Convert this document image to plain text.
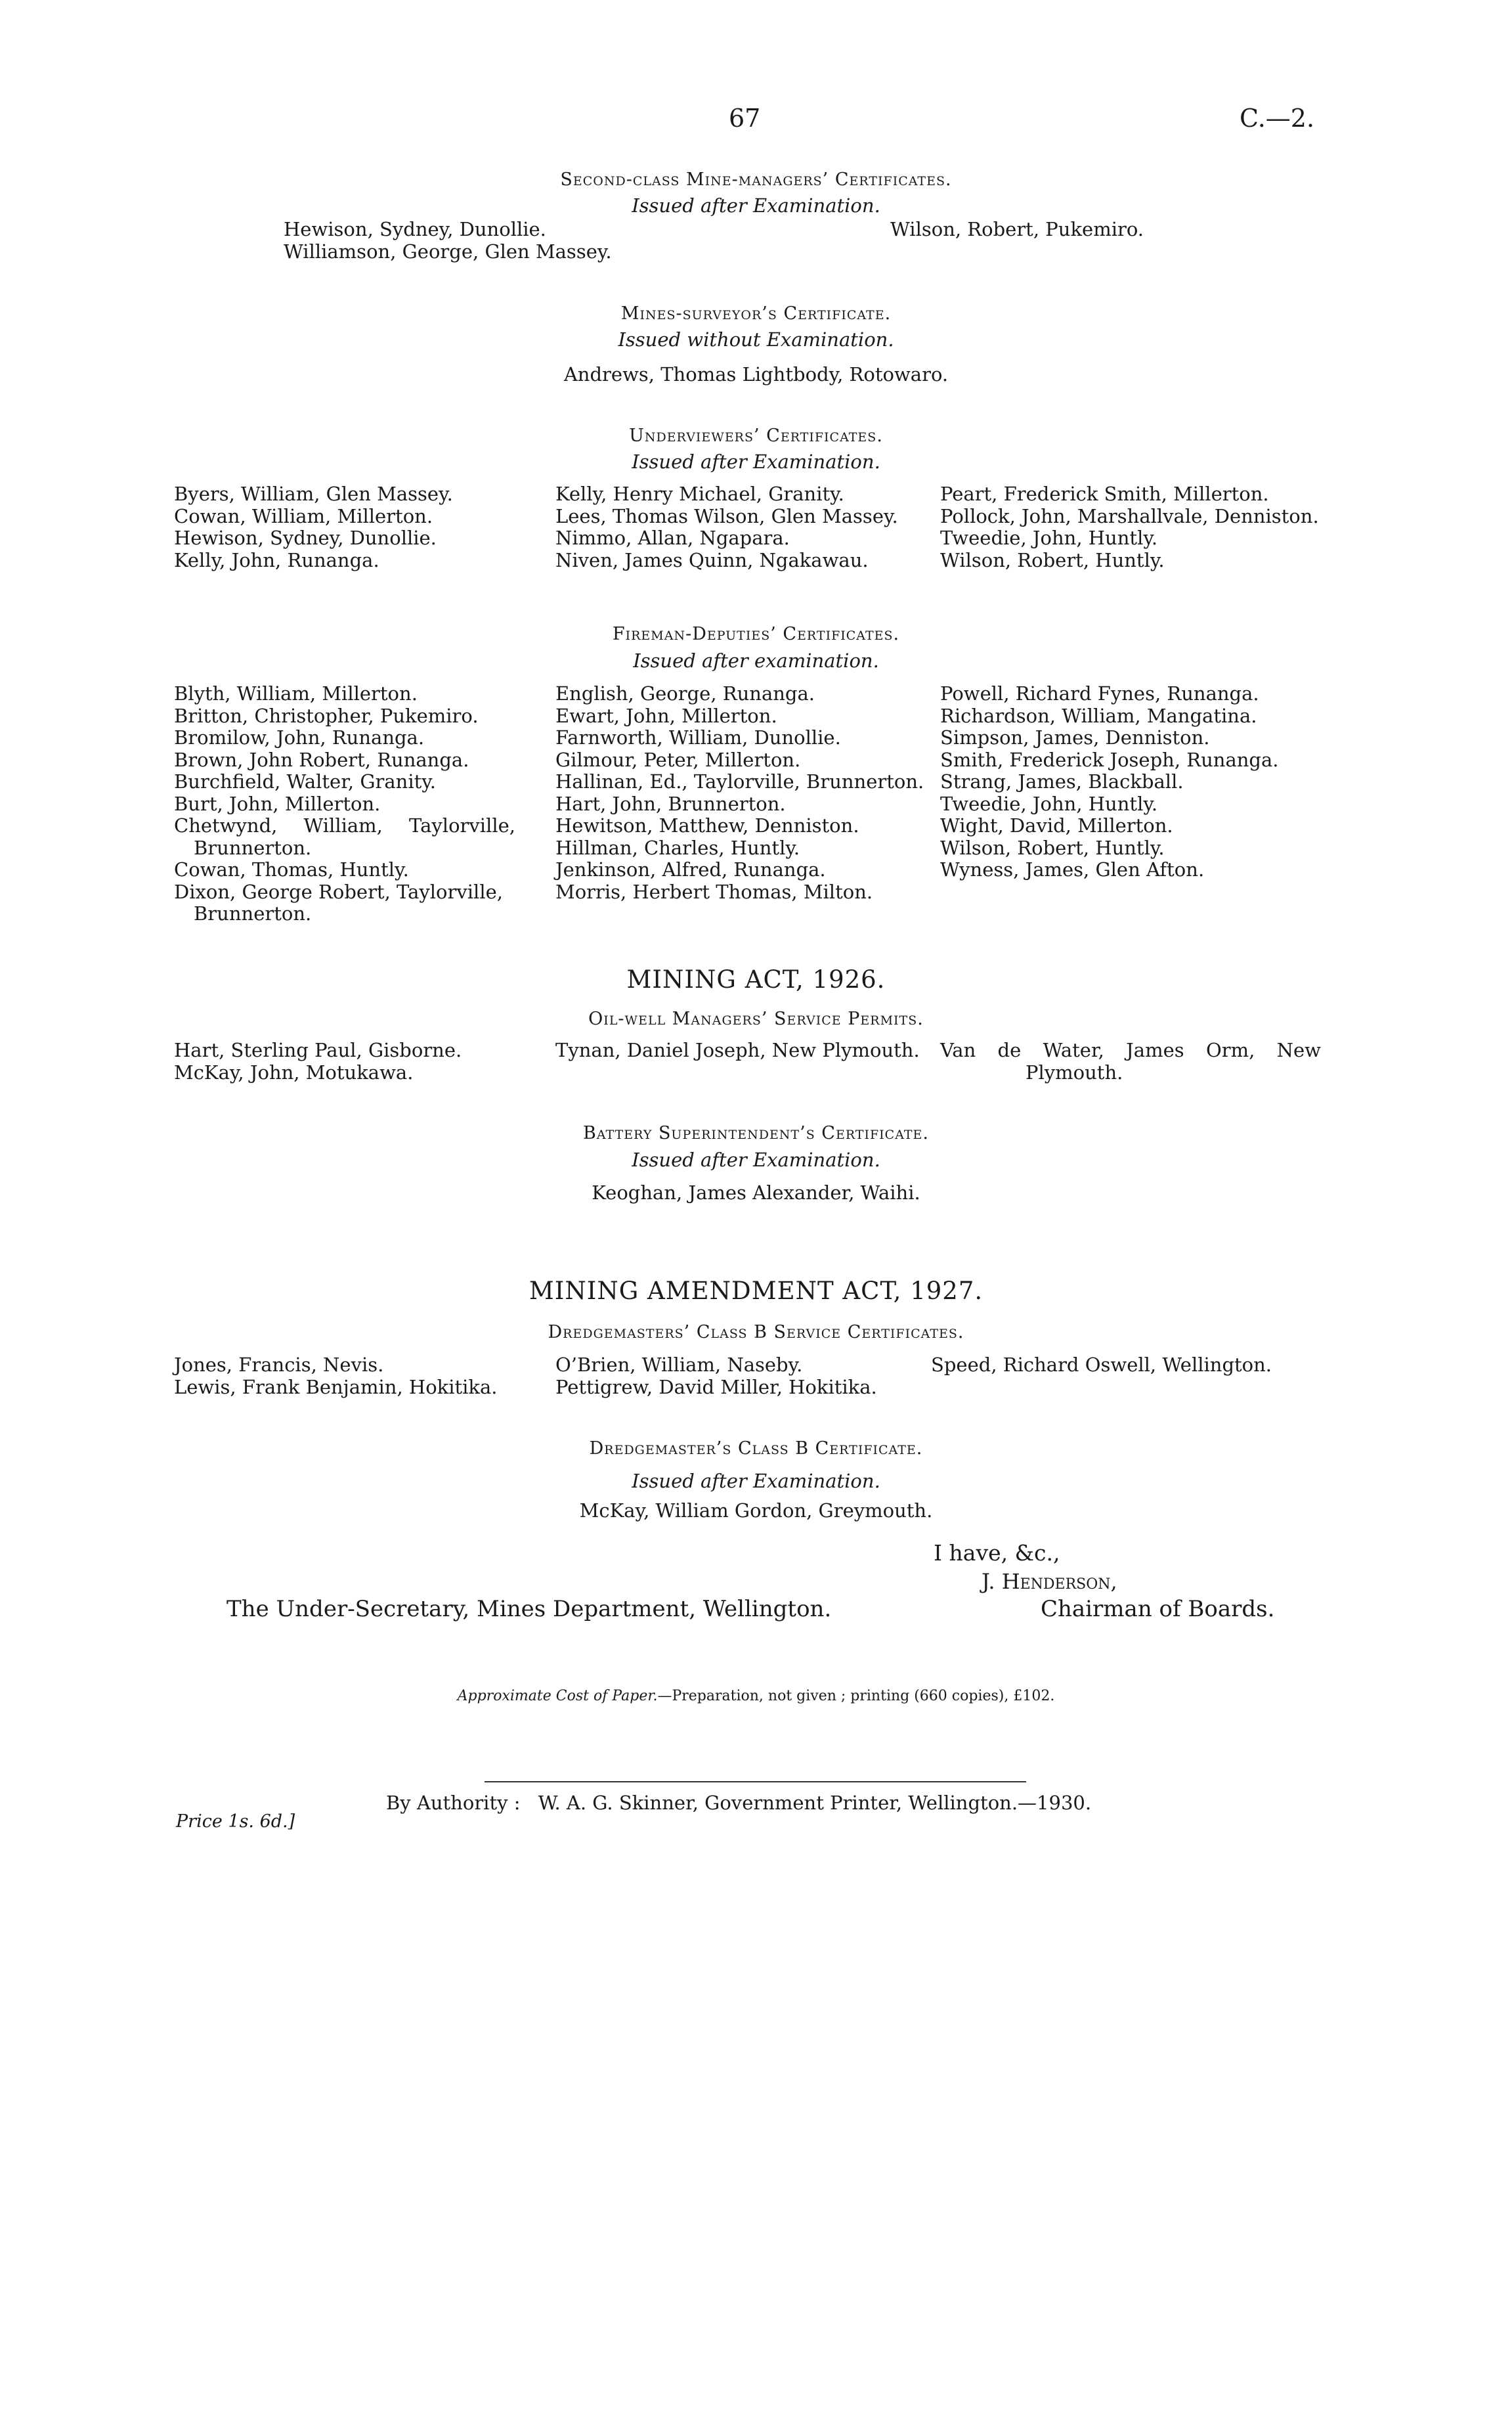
67	C.—2.
Second-class Mine-managers’ Certificates.
Issued after Examination.
Hewison, Sydney, Dunollie.
Williamson, George, Glen Massey.
Wilson, Robert, Pukemiro.
Mines-surveyor’s Certificate.
Issued without Examination.
Andrews, Thomas Lightbody, Rotowaro.
Underviewers’ Certificates.
Issued after Examination.
Byers, William, Glen Massey.
Cowan, William, Millerton.
Hewison, Sydney, Dunollie.
Kelly, John, Runanga.
Kelly, Henry Michael, Granity.
Lees, Thomas Wilson, Glen Massey.
Nimmo, Allan, Ngapara.
Niven, James Quinn, Ngakawau.
Peart, Frederick Smith, Millerton.
Pollock, John, Marshallvale, Denniston.
Tweedie, John, Huntly.
Wilson, Robert, Huntly.
Fireman-Deputies’ Certificates.
Issued after examination.
Blyth, William, Millerton.
Britton, Christopher, Pukemiro.
Bromilow, John, Runanga.
Brown, John Robert, Runanga.
Burchfield, Walter, Granity.
Burt, John, Millerton.
Chetwynd, William, Taylorville,
Brunnerton.
Cowan, Thomas, Huntly.
Dixon, George Robert, Taylorville,
Brunnerton.
English, George, Runanga.
Ewart, John, Millerton.
Farnworth, William, Dunollie.
Gilmour, Peter, Millerton.
Hallinan, Ed., Taylorville, Brunnerton.
Hart, John, Brunnerton.
Hewitson, Matthew, Denniston.
Hillman, Charles, Huntly.
Jenkinson, Alfred, Runanga.
Morris, Herbert Thomas, Milton.
Powell, Richard Fynes, Runanga.
Richardson, William, Mangatina.
Simpson, James, Denniston.
Smith, Frederick Joseph, Runanga.
Strang, James, Blackball.
Tweedie, John, Huntly.
Wight, David, Millerton.
Wilson, Robert, Huntly.
Wyness, James, Glen Afton.
MINING ACT, 1926.
Oil-well Managers’ Service Permits.
Hart, Sterling Paul, Gisborne.
McKay, John, Motukawa.
Tynan, Daniel Joseph, New Plymouth. Van de Water, James Orm, New
Plymouth.
Battery Superintendent’s Certificate.
Issued after Examination.
Keoghan, James Alexander, Waihi.
MINING AMENDMENT ACT, 1927.
Dredgemasters’ Class B Service Certificates.
Jones, Francis, Nevis.
Lewis, Frank Benjamin, Hokitika.
O’Brien, William, Naseby.
Pettigrew, David Miller, Hokitika.
Speed, Richard Oswell, Wellington.
Dredgemaster’s Class B Certificate.
Issued after Examination.
McKay, William Gordon, Greymouth.
I have, &c.,
J. Henderson,
Chairman of Boards.
The Under-Secretary, Mines Department, Wellington.
Approximate Cost of Paper.—Preparation, not given ; printing (660 copies), £102.
By Authority : W. A. G. Skinner, Government Printer, Wellington.—1930.
Price 1s. 6d.]
